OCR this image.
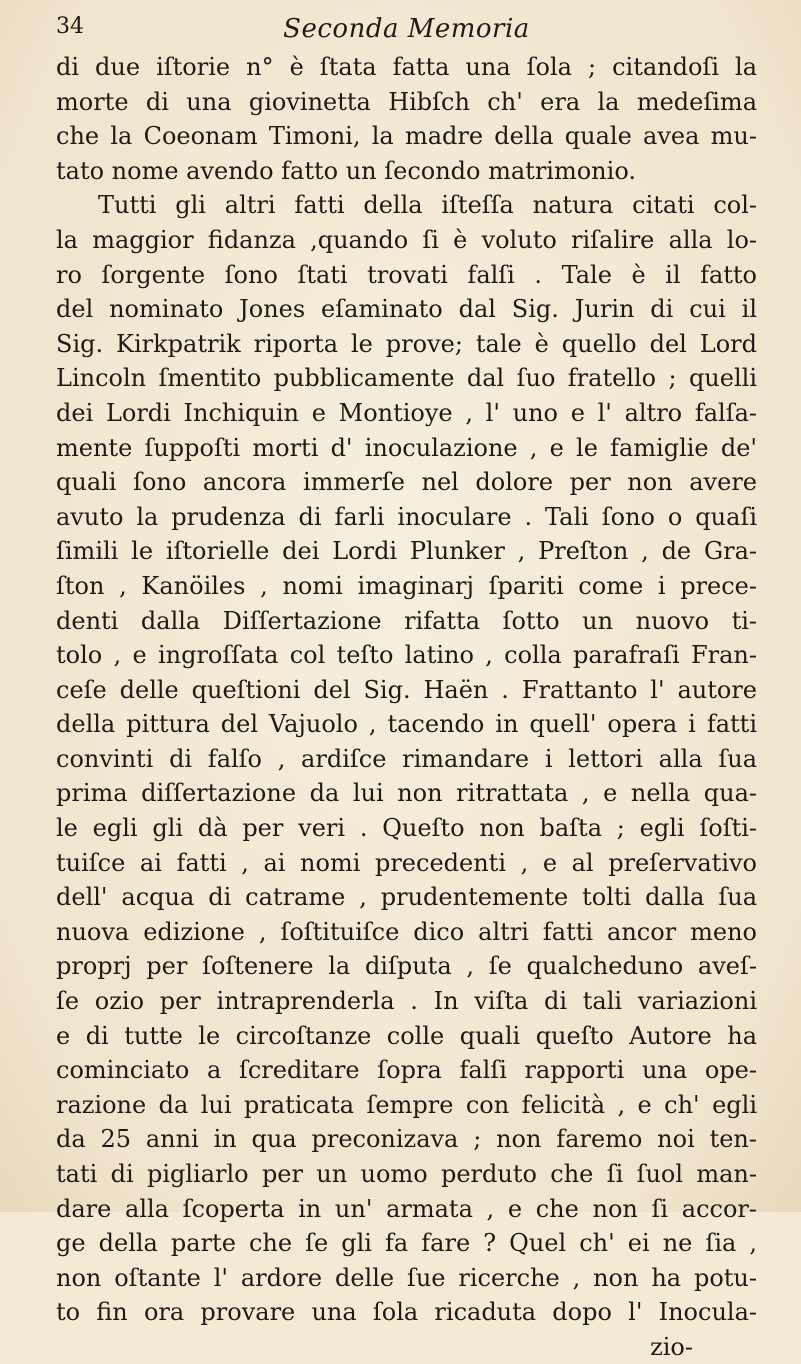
34	Seconda Memoria
di due iſtorie n° è ſtata fatta una ſola ; citandoſi la
morte di una giovinetta Hibſch ch' era la medeſima
che la Coeonam Timoni, la madre della quale avea mu-
tato nome avendo fatto un ſecondo matrimonio.
Tutti gli altri fatti della iſteſſa natura citati col-
la maggior fidanza ,quando ſi è voluto riſalire alla lo-
ro ſorgente ſono ſtati trovati falſi . Tale è il fatto
del nominato Jones eſaminato dal Sig. Jurin di cui il
Sig. Kirkpatrik riporta le prove; tale è quello del Lord
Lincoln ſmentito pubblicamente dal ſuo fratello ; quelli
dei Lordi Inchiquin e Montioye , l' uno e l' altro falſa-
mente ſuppoſti morti d' inoculazione , e le famiglie de'
quali ſono ancora immerſe nel dolore per non avere
avuto la prudenza di farli inoculare . Tali ſono o quaſi
ſimili le iſtorielle dei Lordi Plunker , Preſton , de Gra-
ſton , Kanöiles , nomi imaginarj ſpariti come i prece-
denti dalla Diſſertazione rifatta ſotto un nuovo ti-
tolo , e ingroſſata col teſto latino , colla parafraſi Fran-
ceſe delle queſtioni del Sig. Haën . Frattanto l' autore
della pittura del Vajuolo , tacendo in quell' opera i fatti
convinti di falſo , ardiſce rimandare i lettori alla ſua
prima diſſertazione da lui non ritrattata , e nella qua-
le egli gli dà per veri . Queſto non baſta ; egli ſoſti-
tuiſce ai fatti , ai nomi precedenti , e al preſervativo
dell' acqua di catrame , prudentemente tolti dalla ſua
nuova edizione , ſoſtituiſce dico altri fatti ancor meno
proprj per ſoſtenere la diſputa , ſe qualcheduno aveſ-
ſe ozio per intraprenderla . In viſta di tali variazioni
e di tutte le circoſtanze colle quali queſto Autore ha
cominciato a ſcreditare ſopra falſi rapporti una ope-
razione da lui praticata ſempre con felicità , e ch' egli
da 25 anni in qua preconizava ; non faremo noi ten-
tati di pigliarlo per un uomo perduto che ſi ſuol man-
dare alla ſcoperta in un' armata , e che non ſi accor-
ge della parte che ſe gli fa fare ? Quel ch' ei ne ſia ,
non oſtante l' ardore delle ſue ricerche , non ha potu-
to fin ora provare una ſola ricaduta dopo l' Inocula-
zio-
